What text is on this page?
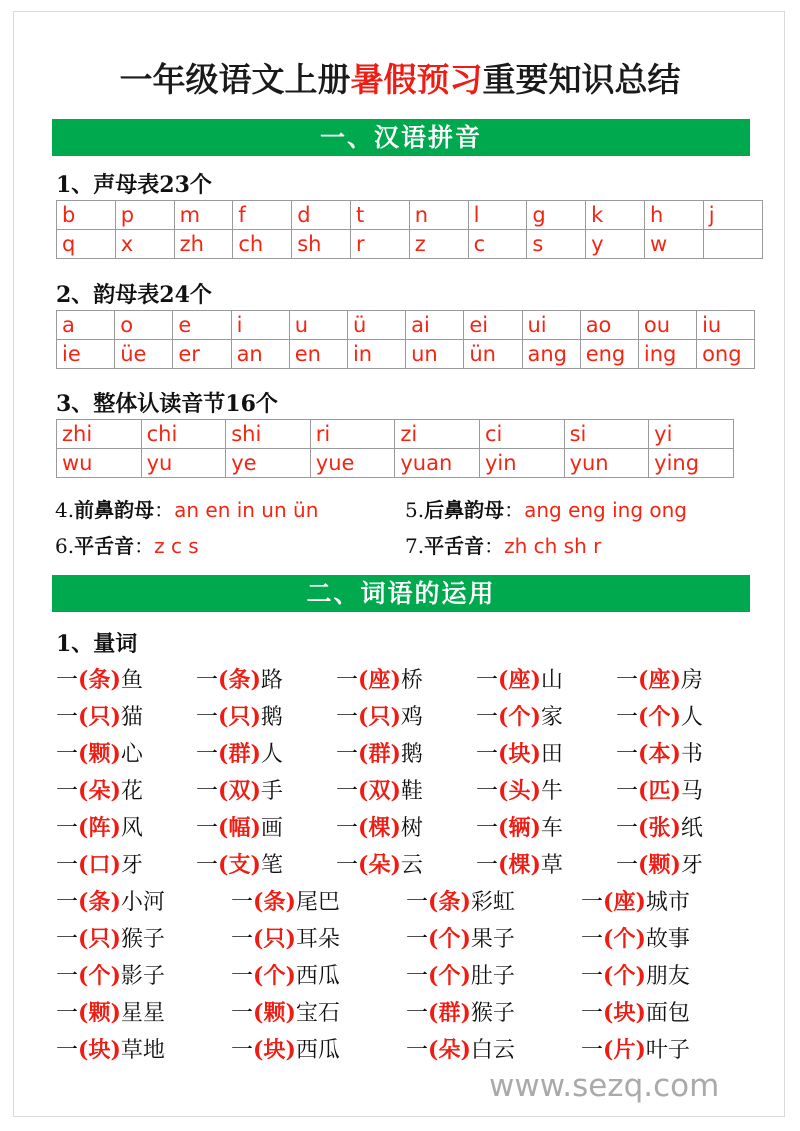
一年级语文上册暑假预习重要知识总结
一、汉语拼音
1、声母表23个
b	p	m	f	d	t	n	l	g	k	h	j
q	x	zh	ch	sh	r	z	c	s	y	w	
2、韵母表24个
a	o	e	i	u	ü	ai	ei	ui	ao	ou	iu
ie	üe	er	an	en	in	un	ün	ang	eng	ing	ong
3、整体认读音节16个
zhi	chi	shi	ri	zi	ci	si	yi
wu	yu	ye	yue	yuan	yin	yun	ying
4.前鼻韵母：an en in un ün	5.后鼻韵母：ang eng ing ong
6.平舌音：z c s	7.平舌音：zh ch sh r
二、词语的运用
1、量词
一(条)鱼	一(条)路	一(座)桥	一(座)山	一(座)房
一(只)猫	一(只)鹅	一(只)鸡	一(个)家	一(个)人
一(颗)心	一(群)人	一(群)鹅	一(块)田	一(本)书
一(朵)花	一(双)手	一(双)鞋	一(头)牛	一(匹)马
一(阵)风	一(幅)画	一(棵)树	一(辆)车	一(张)纸
一(口)牙	一(支)笔	一(朵)云	一(棵)草	一(颗)牙
一(条)小河	一(条)尾巴	一(条)彩虹	一(座)城市
一(只)猴子	一(只)耳朵	一(个)果子	一(个)故事
一(个)影子	一(个)西瓜	一(个)肚子	一(个)朋友
一(颗)星星	一(颗)宝石	一(群)猴子	一(块)面包
一(块)草地	一(块)西瓜	一(朵)白云	一(片)叶子
www.sezq.com
